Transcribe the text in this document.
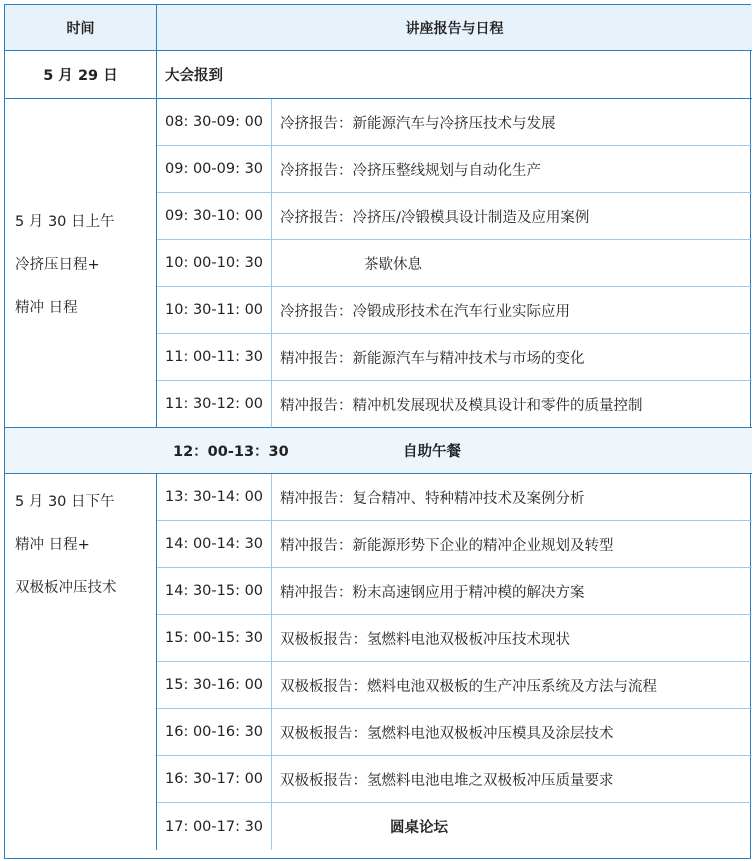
时间	讲座报告与日程
5 月 29 日	大会报到
5 月 30 日上午
冷挤压日程+
精冲 日程
08: 30-09: 00	冷挤报告：新能源汽车与冷挤压技术与发展
09: 00-09: 30	冷挤报告：冷挤压整线规划与自动化生产
09: 30-10: 00	冷挤报告：冷挤压/冷锻模具设计制造及应用案例
10: 00-10: 30	茶歇休息
10: 30-11: 00	冷挤报告：冷锻成形技术在汽车行业实际应用
11: 00-11: 30	精冲报告：新能源汽车与精冲技术与市场的变化
11: 30-12: 00	精冲报告：精冲机发展现状及模具设计和零件的质量控制
12：00-13：30	自助午餐
5 月 30 日下午
精冲 日程+
双极板冲压技术
13: 30-14: 00	精冲报告：复合精冲、特种精冲技术及案例分析
14: 00-14: 30	精冲报告：新能源形势下企业的精冲企业规划及转型
14: 30-15: 00	精冲报告：粉末高速钢应用于精冲模的解决方案
15: 00-15: 30	双极板报告：氢燃料电池双极板冲压技术现状
15: 30-16: 00	双极板报告：燃料电池双极板的生产冲压系统及方法与流程
16: 00-16: 30	双极板报告：氢燃料电池双极板冲压模具及涂层技术
16: 30-17: 00	双极板报告：氢燃料电池电堆之双极板冲压质量要求
17: 00-17: 30	圆桌论坛
